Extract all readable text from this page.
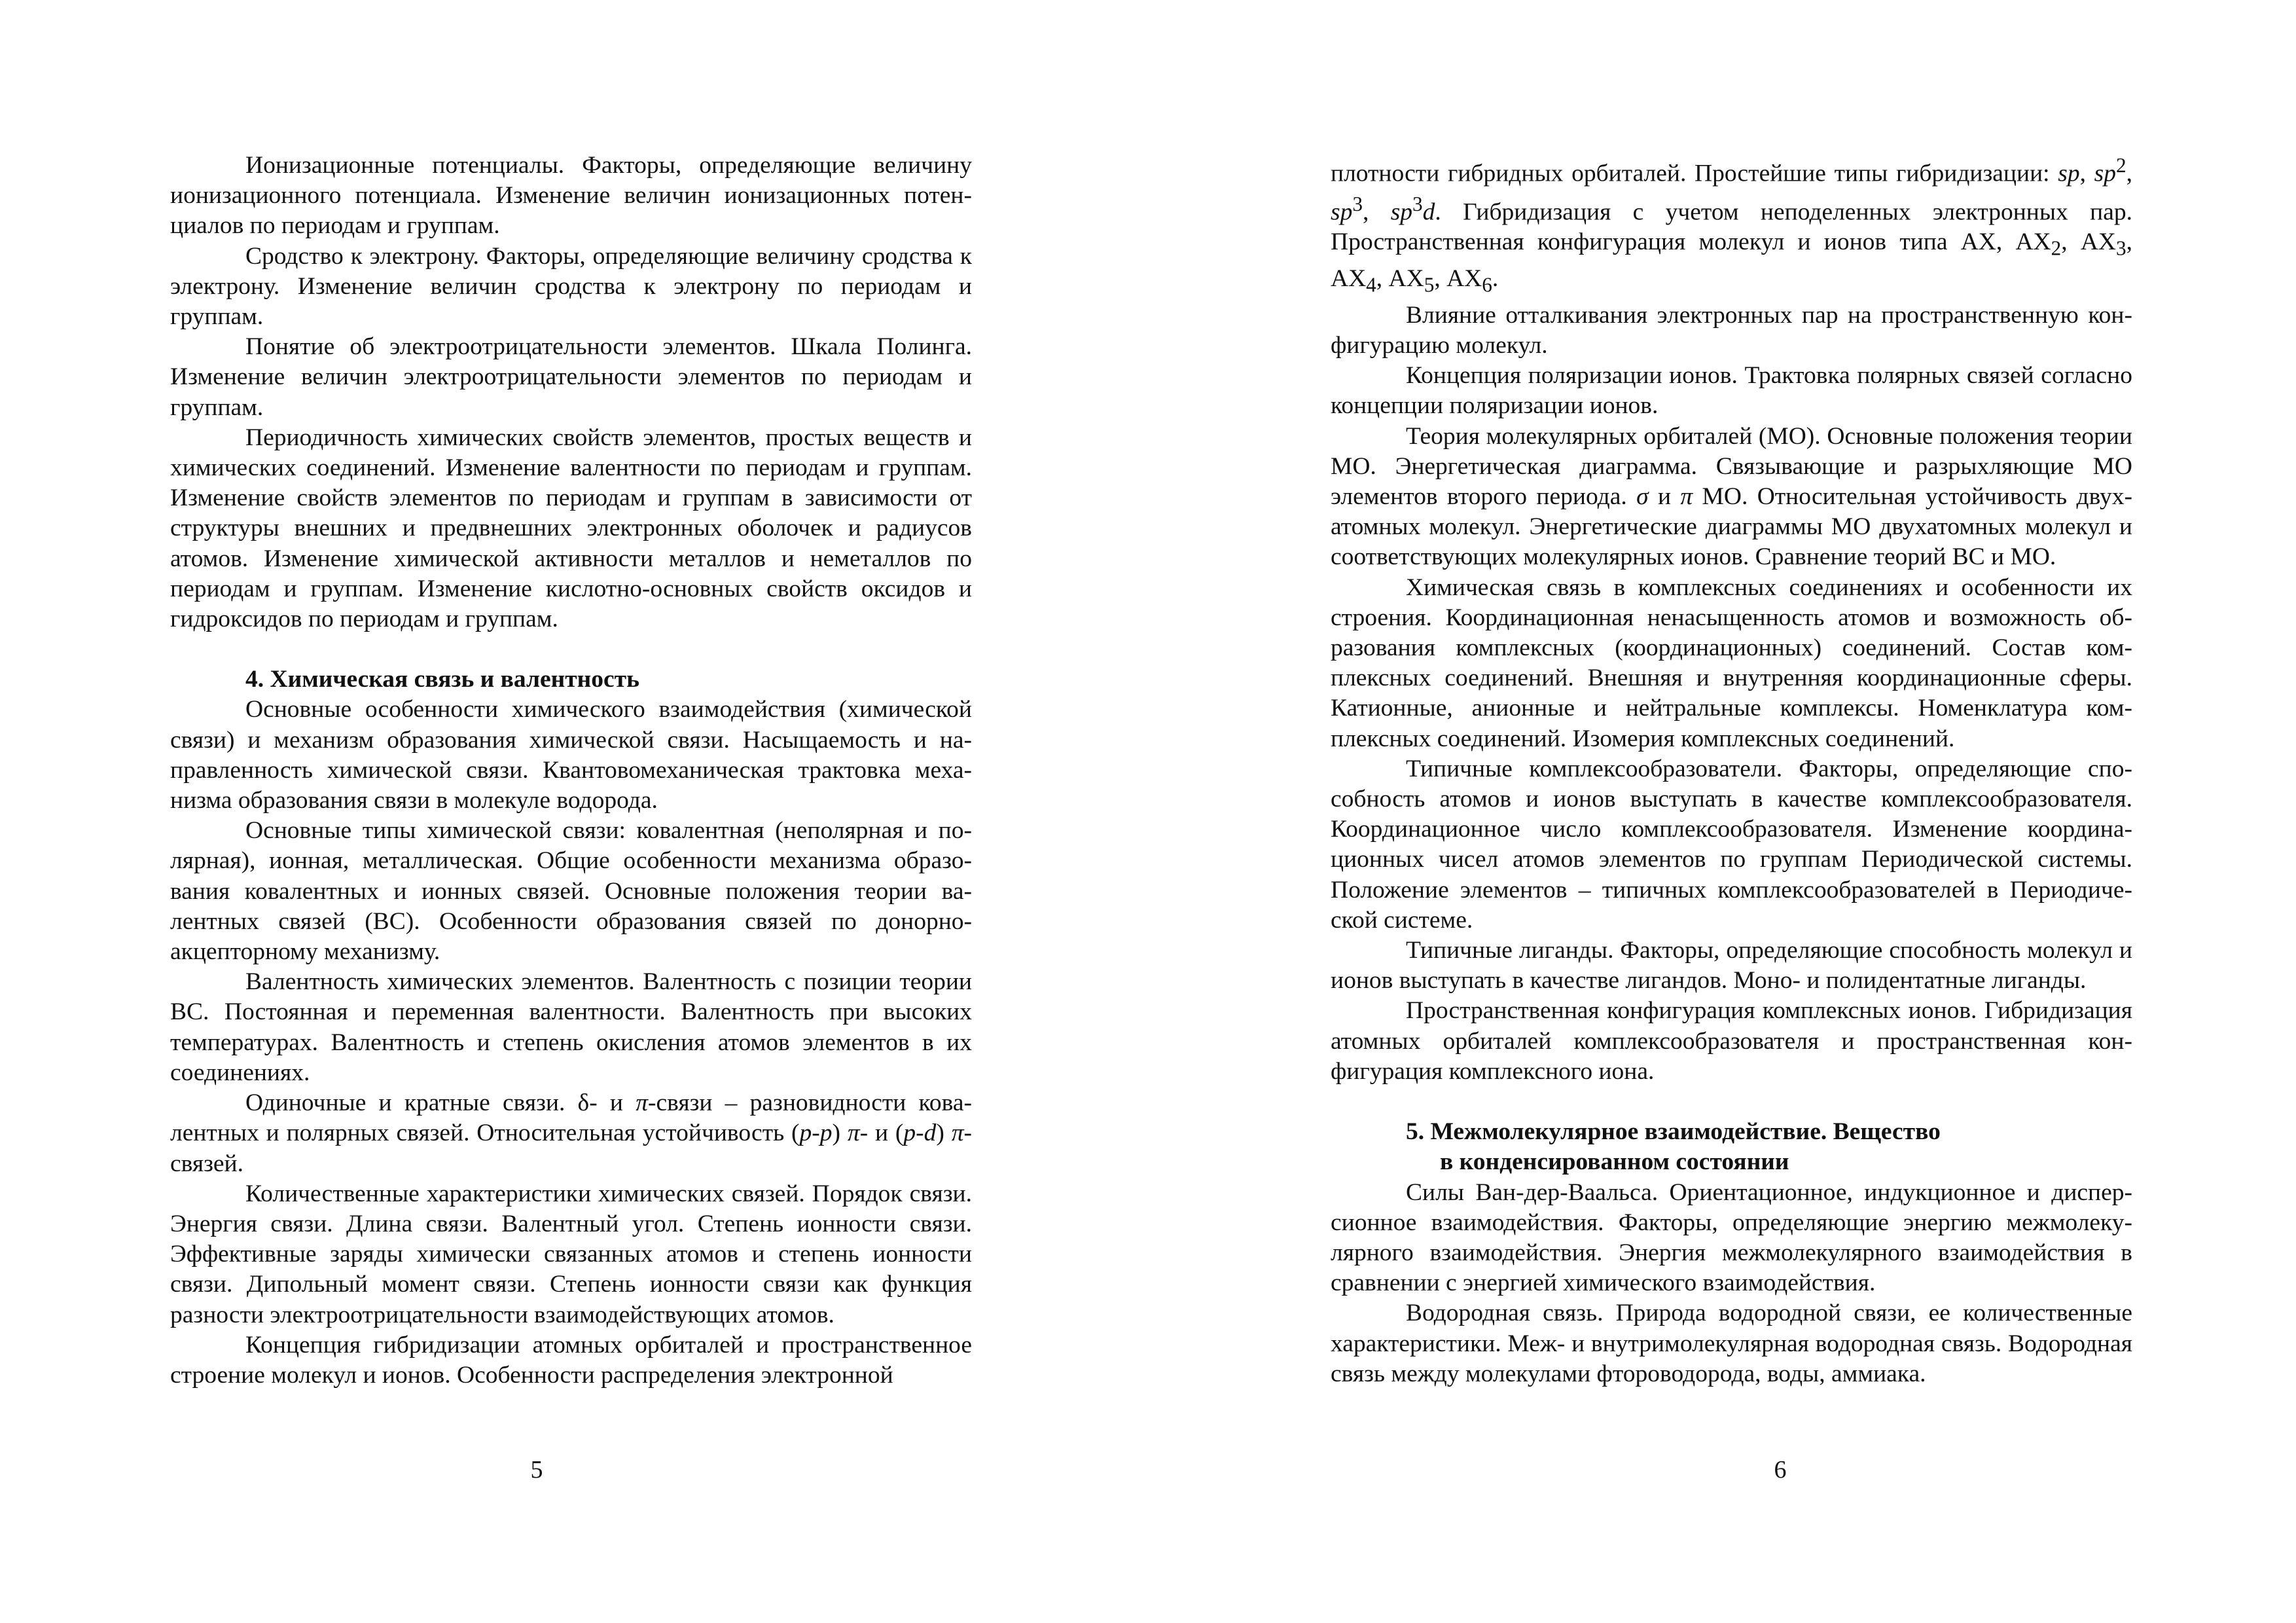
Ионизационные потенциалы. Факторы, определяющие величину ионизационного потенциала. Изменение величин ионизационных потенциалов по периодам и группам.

Сродство к электрону. Факторы, определяющие величину сродства к электрону. Изменение величин сродства к электрону по периодам и группам.

Понятие об электроотрицательности элементов. Шкала Полинга. Изменение величин электроотрицательности элементов по периодам и группам.

Периодичность химических свойств элементов, простых веществ и химических соединений. Изменение валентности по периодам и группам. Изменение свойств элементов по периодам и группам в зависимости от структуры внешних и предвнешних электронных оболочек и радиусов атомов. Изменение химической активности металлов и неметаллов по периодам и группам. Изменение кислотно-основных свойств оксидов и гидроксидов по периодам и группам.

4. Химическая связь и валентность

Основные особенности химического взаимодействия (химической связи) и механизм образования химической связи. Насыщаемость и направленность химической связи. Квантовомеханическая трактовка механизма образования связи в молекуле водорода.

Основные типы химической связи: ковалентная (неполярная и полярная), ионная, металлическая. Общие особенности механизма образования ковалентных и ионных связей. Основные положения теории валентных связей (ВС). Особенности образования связей по донорно-акцепторному механизму.

Валентность химических элементов. Валентность с позиции теории ВС. Постоянная и переменная валентности. Валентность при высоких температурах. Валентность и степень окисления атомов элементов в их соединениях.

Одиночные и кратные связи. δ- и π-связи – разновидности ковалентных и полярных связей. Относительная устойчивость (p-p) π- и (p-d) π-связей.

Количественные характеристики химических связей. Порядок связи. Энергия связи. Длина связи. Валентный угол. Степень ионности связи. Эффективные заряды химически связанных атомов и степень ионности связи. Дипольный момент связи. Степень ионности связи как функция разности электроотрицательности взаимодействующих атомов.

Концепция гибридизации атомных орбиталей и пространственное строение молекул и ионов. Особенности распределения электронной

5

плотности гибридных орбиталей. Простейшие типы гибридизации: sp, $sp^2$, $sp^3$, $sp^3d$. Гибридизация с учетом неподеленных электронных пар. Пространственная конфигурация молекул и ионов типа АХ, $АХ_2$, $АХ_3$, $АХ_4$, $АХ_5$, $АХ_6$.

Влияние отталкивания электронных пар на пространственную конфигурацию молекул.

Концепция поляризации ионов. Трактовка полярных связей согласно концепции поляризации ионов.

Теория молекулярных орбиталей (МО). Основные положения теории МО. Энергетическая диаграмма. Связывающие и разрыхляющие МО элементов второго периода. σ и π МО. Относительная устойчивость двухатомных молекул. Энергетические диаграммы МО двухатомных молекул и соответствующих молекулярных ионов. Сравнение теорий ВС и МО.

Химическая связь в комплексных соединениях и особенности их строения. Координационная ненасыщенность атомов и возможность образования комплексных (координационных) соединений. Состав комплексных соединений. Внешняя и внутренняя координационные сферы. Катионные, анионные и нейтральные комплексы. Номенклатура комплексных соединений. Изомерия комплексных соединений.

Типичные комплексообразователи. Факторы, определяющие способность атомов и ионов выступать в качестве комплексообразователя. Координационное число комплексообразователя. Изменение координационных чисел атомов элементов по группам Периодической системы. Положение элементов – типичных комплексообразователей в Периодической системе.

Типичные лиганды. Факторы, определяющие способность молекул и ионов выступать в качестве лигандов. Моно- и полидентатные лиганды.

Пространственная конфигурация комплексных ионов. Гибридизация атомных орбиталей комплексообразователя и пространственная конфигурация комплексного иона.

5. Межмолекулярное взаимодействие. Вещество
в конденсированном состоянии

Силы Ван-дер-Ваальса. Ориентационное, индукционное и дисперсионное взаимодействия. Факторы, определяющие энергию межмолекулярного взаимодействия. Энергия межмолекулярного взаимодействия в сравнении с энергией химического взаимодействия.

Водородная связь. Природа водородной связи, ее количественные характеристики. Меж- и внутримолекулярная водородная связь. Водородная связь между молекулами фтороводорода, воды, аммиака.

6
